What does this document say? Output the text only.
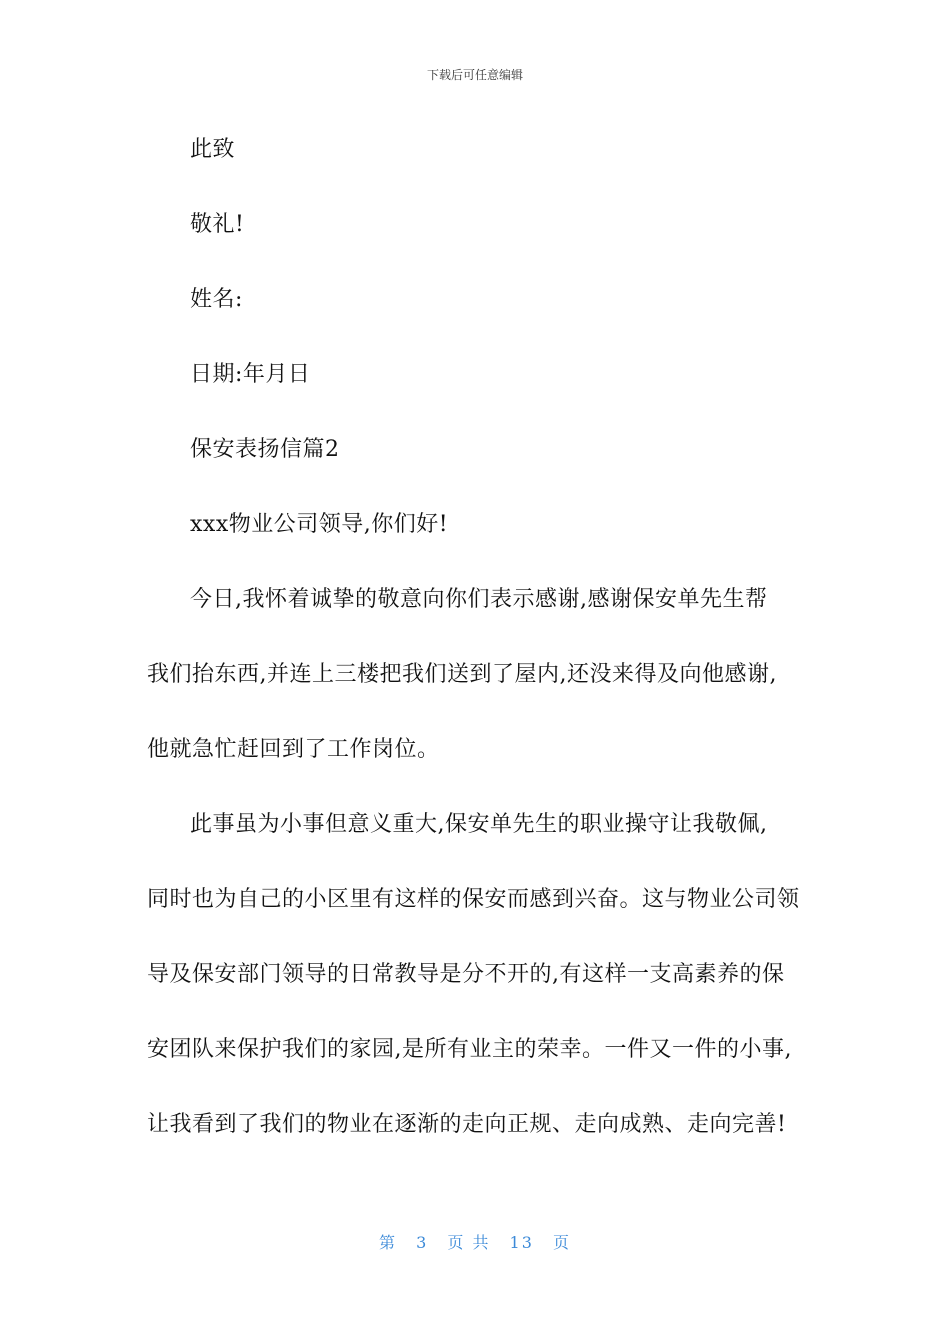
下载后可任意编辑
此致
敬礼!
姓名:
日期:年月日
保安表扬信篇2
xxx物业公司领导,你们好!
今日,我怀着诚挚的敬意向你们表示感谢,感谢保安单先生帮
我们抬东西,并连上三楼把我们送到了屋内,还没来得及向他感谢,
他就急忙赶回到了工作岗位。
此事虽为小事但意义重大,保安单先生的职业操守让我敬佩,
同时也为自己的小区里有这样的保安而感到兴奋。这与物业公司领
导及保安部门领导的日常教导是分不开的,有这样一支高素养的保
安团队来保护我们的家园,是所有业主的荣幸。一件又一件的小事,
让我看到了我们的物业在逐渐的走向正规、走向成熟、走向完善!
第 3 页 共 13 页
